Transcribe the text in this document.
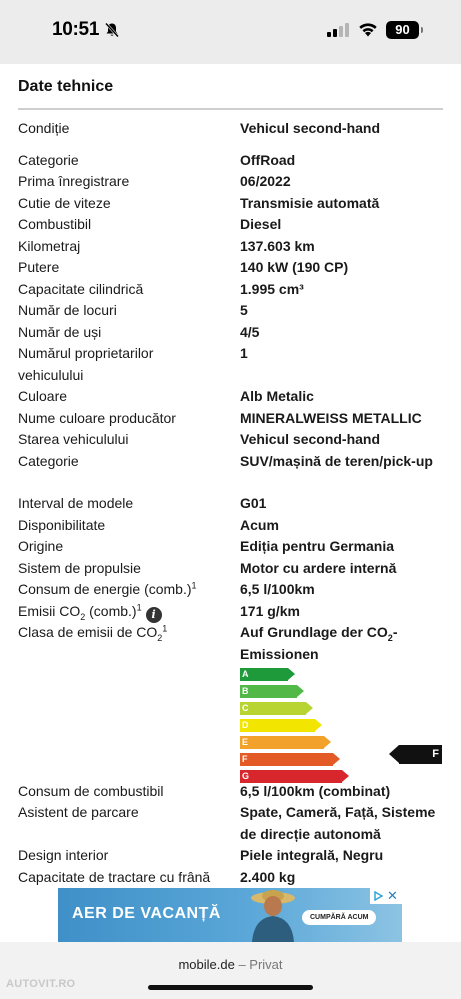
10:51	90
Date tehnice
Condiție	Vehicul second-hand
Categorie	OffRoad
Prima înregistrare	06/2022
Cutie de viteze	Transmisie automată
Combustibil	Diesel
Kilometraj	137.603 km
Putere	140 kW (190 CP)
Capacitate cilindrică	1.995 cm³
Număr de locuri	5
Număr de uși	4/5
Numărul proprietarilor vehiculului
1
Culoare	Alb Metalic
Nume culoare producător	MINERALWEISS METALLIC
Starea vehiculului	Vehicul second-hand
Categorie	SUV/mașină de teren/pick-up
Interval de modele	G01
Disponibilitate	Acum
Origine	Ediția pentru Germania
Sistem de propulsie	Motor cu ardere internă
Consum de energie (comb.)$^1$	6,5 l/100km
Emisii $CO_2$ (comb.)$^1$i	171 g/km
Clasa de emisii de $CO_2^1$	Auf Grundlage der $CO_2$-Emissionen
A
B
C
D
E
F
G
F
Consum de combustibil	6,5 l/100km (combinat)
Asistent de parcare	Spate, Cameră, Față, Sisteme de direcție autonomă
Design interior	Piele integrală, Negru
Capacitate de tractare cu frână	2.400 kg
AER DE VACANȚĂ	CUMPĂRĂ ACUM
✕
mobile.de – Privat
AUTOVIT.RO
